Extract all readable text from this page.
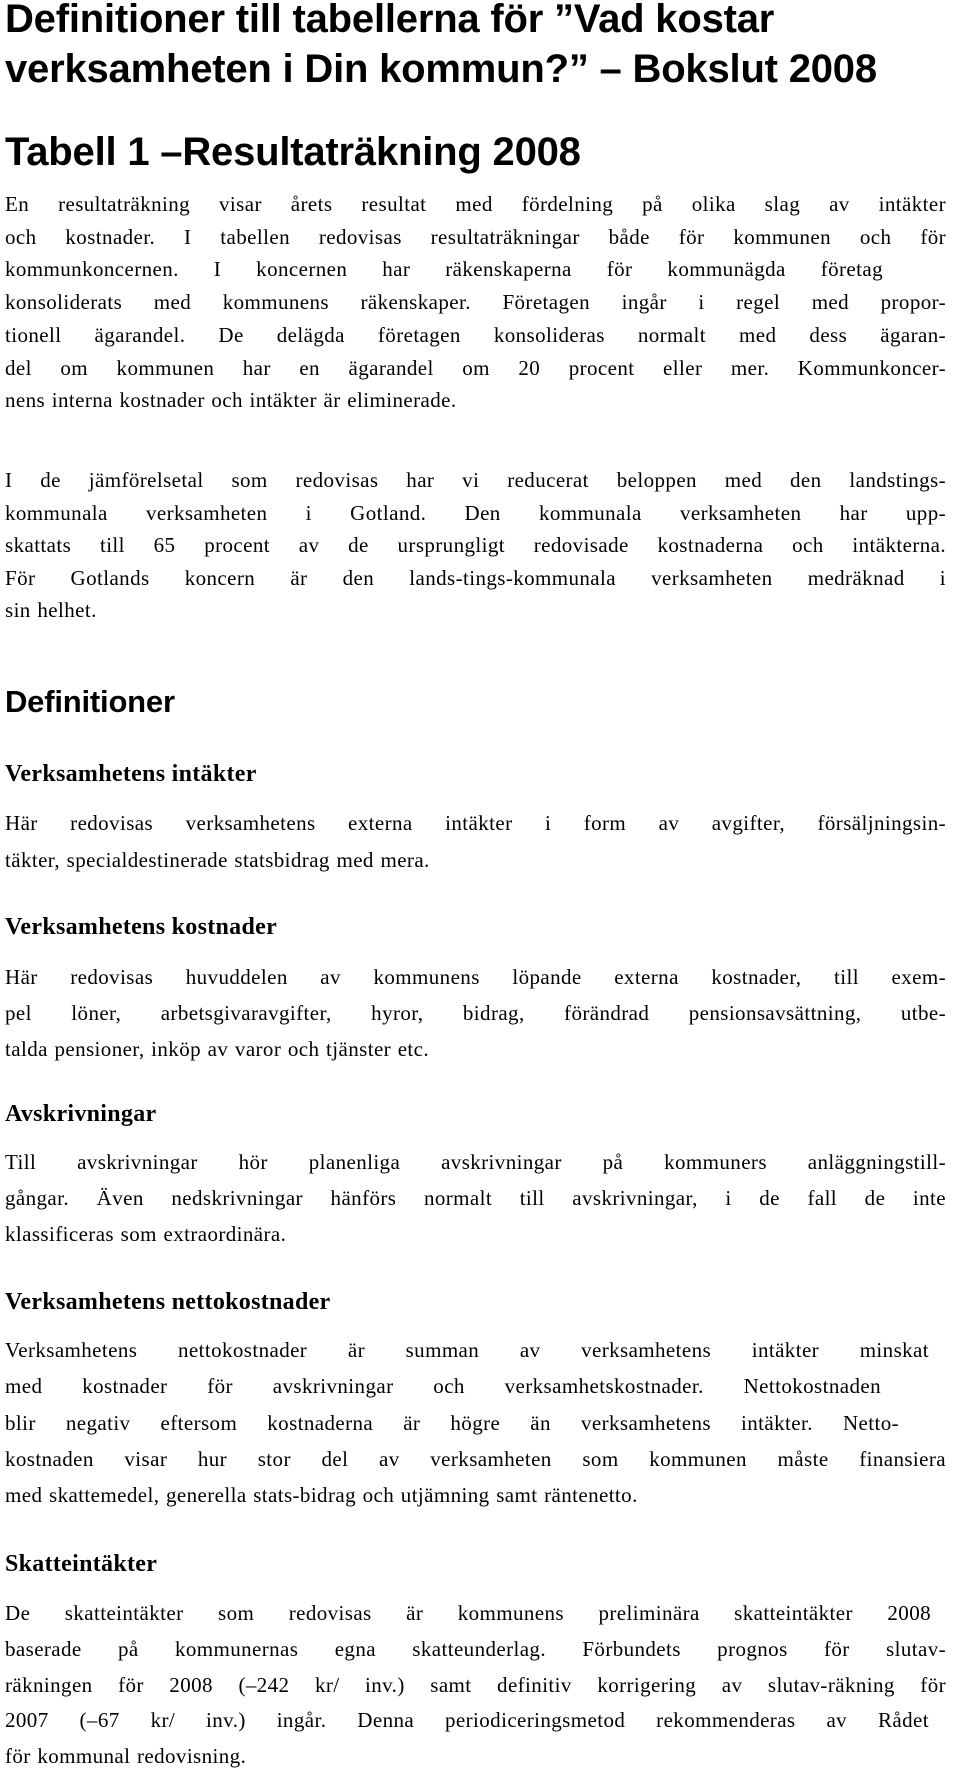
Definitioner till tabellerna för ”Vad kostar verksamheten i Din kommun?” – Bokslut 2008
Tabell 1 –Resultaträkning 2008

En resultaträkning visar årets resultat med fördelning på olika slag av intäkter
och kostnader. I tabellen redovisas resultaträkningar både för kommunen och för
kommunkoncernen. I koncernen har räkenskaperna för kommunägda företag
konsoliderats med kommunens räkenskaper. Företagen ingår i regel med propor-
tionell ägarandel. De delägda företagen konsolideras normalt med dess ägaran-
del om kommunen har en ägarandel om 20 procent eller mer. Kommunkoncer-
nens interna kostnader och intäkter är eliminerade.

I de jämförelsetal som redovisas har vi reducerat beloppen med den landstings-
kommunala verksamheten i Gotland. Den kommunala verksamheten har upp-
skattats till 65 procent av de ursprungligt redovisade kostnaderna och intäkterna.
För Gotlands koncern är den lands-tings-kommunala verksamheten medräknad i
sin helhet.

Definitioner
Verksamhetens intäkter

Här redovisas verksamhetens externa intäkter i form av avgifter, försäljningsin-
täkter, specialdestinerade statsbidrag med mera.

Verksamhetens kostnader

Här redovisas huvuddelen av kommunens löpande externa kostnader, till exem-
pel löner, arbetsgivaravgifter, hyror, bidrag, förändrad pensionsavsättning, utbe-
talda pensioner, inköp av varor och tjänster etc.

Avskrivningar

Till avskrivningar hör planenliga avskrivningar på kommuners anläggningstill-
gångar. Även nedskrivningar hänförs normalt till avskrivningar, i de fall de inte
klassificeras som extraordinära.

Verksamhetens nettokostnader

Verksamhetens nettokostnader är summan av verksamhetens intäkter minskat
med kostnader för avskrivningar och verksamhetskostnader. Nettokostnaden
blir negativ eftersom kostnaderna är högre än verksamhetens intäkter. Netto-
kostnaden visar hur stor del av verksamheten som kommunen måste finansiera
med skattemedel, generella stats-bidrag och utjämning samt räntenetto.

Skatteintäkter

De skatteintäkter som redovisas är kommunens preliminära skatteintäkter 2008
baserade på kommunernas egna skatteunderlag. Förbundets prognos för slutav-
räkningen för 2008 (–242 kr/ inv.) samt definitiv korrigering av slutav-räkning för
2007 (–67 kr/ inv.) ingår. Denna periodiceringsmetod rekommenderas av Rådet
för kommunal redovisning.
